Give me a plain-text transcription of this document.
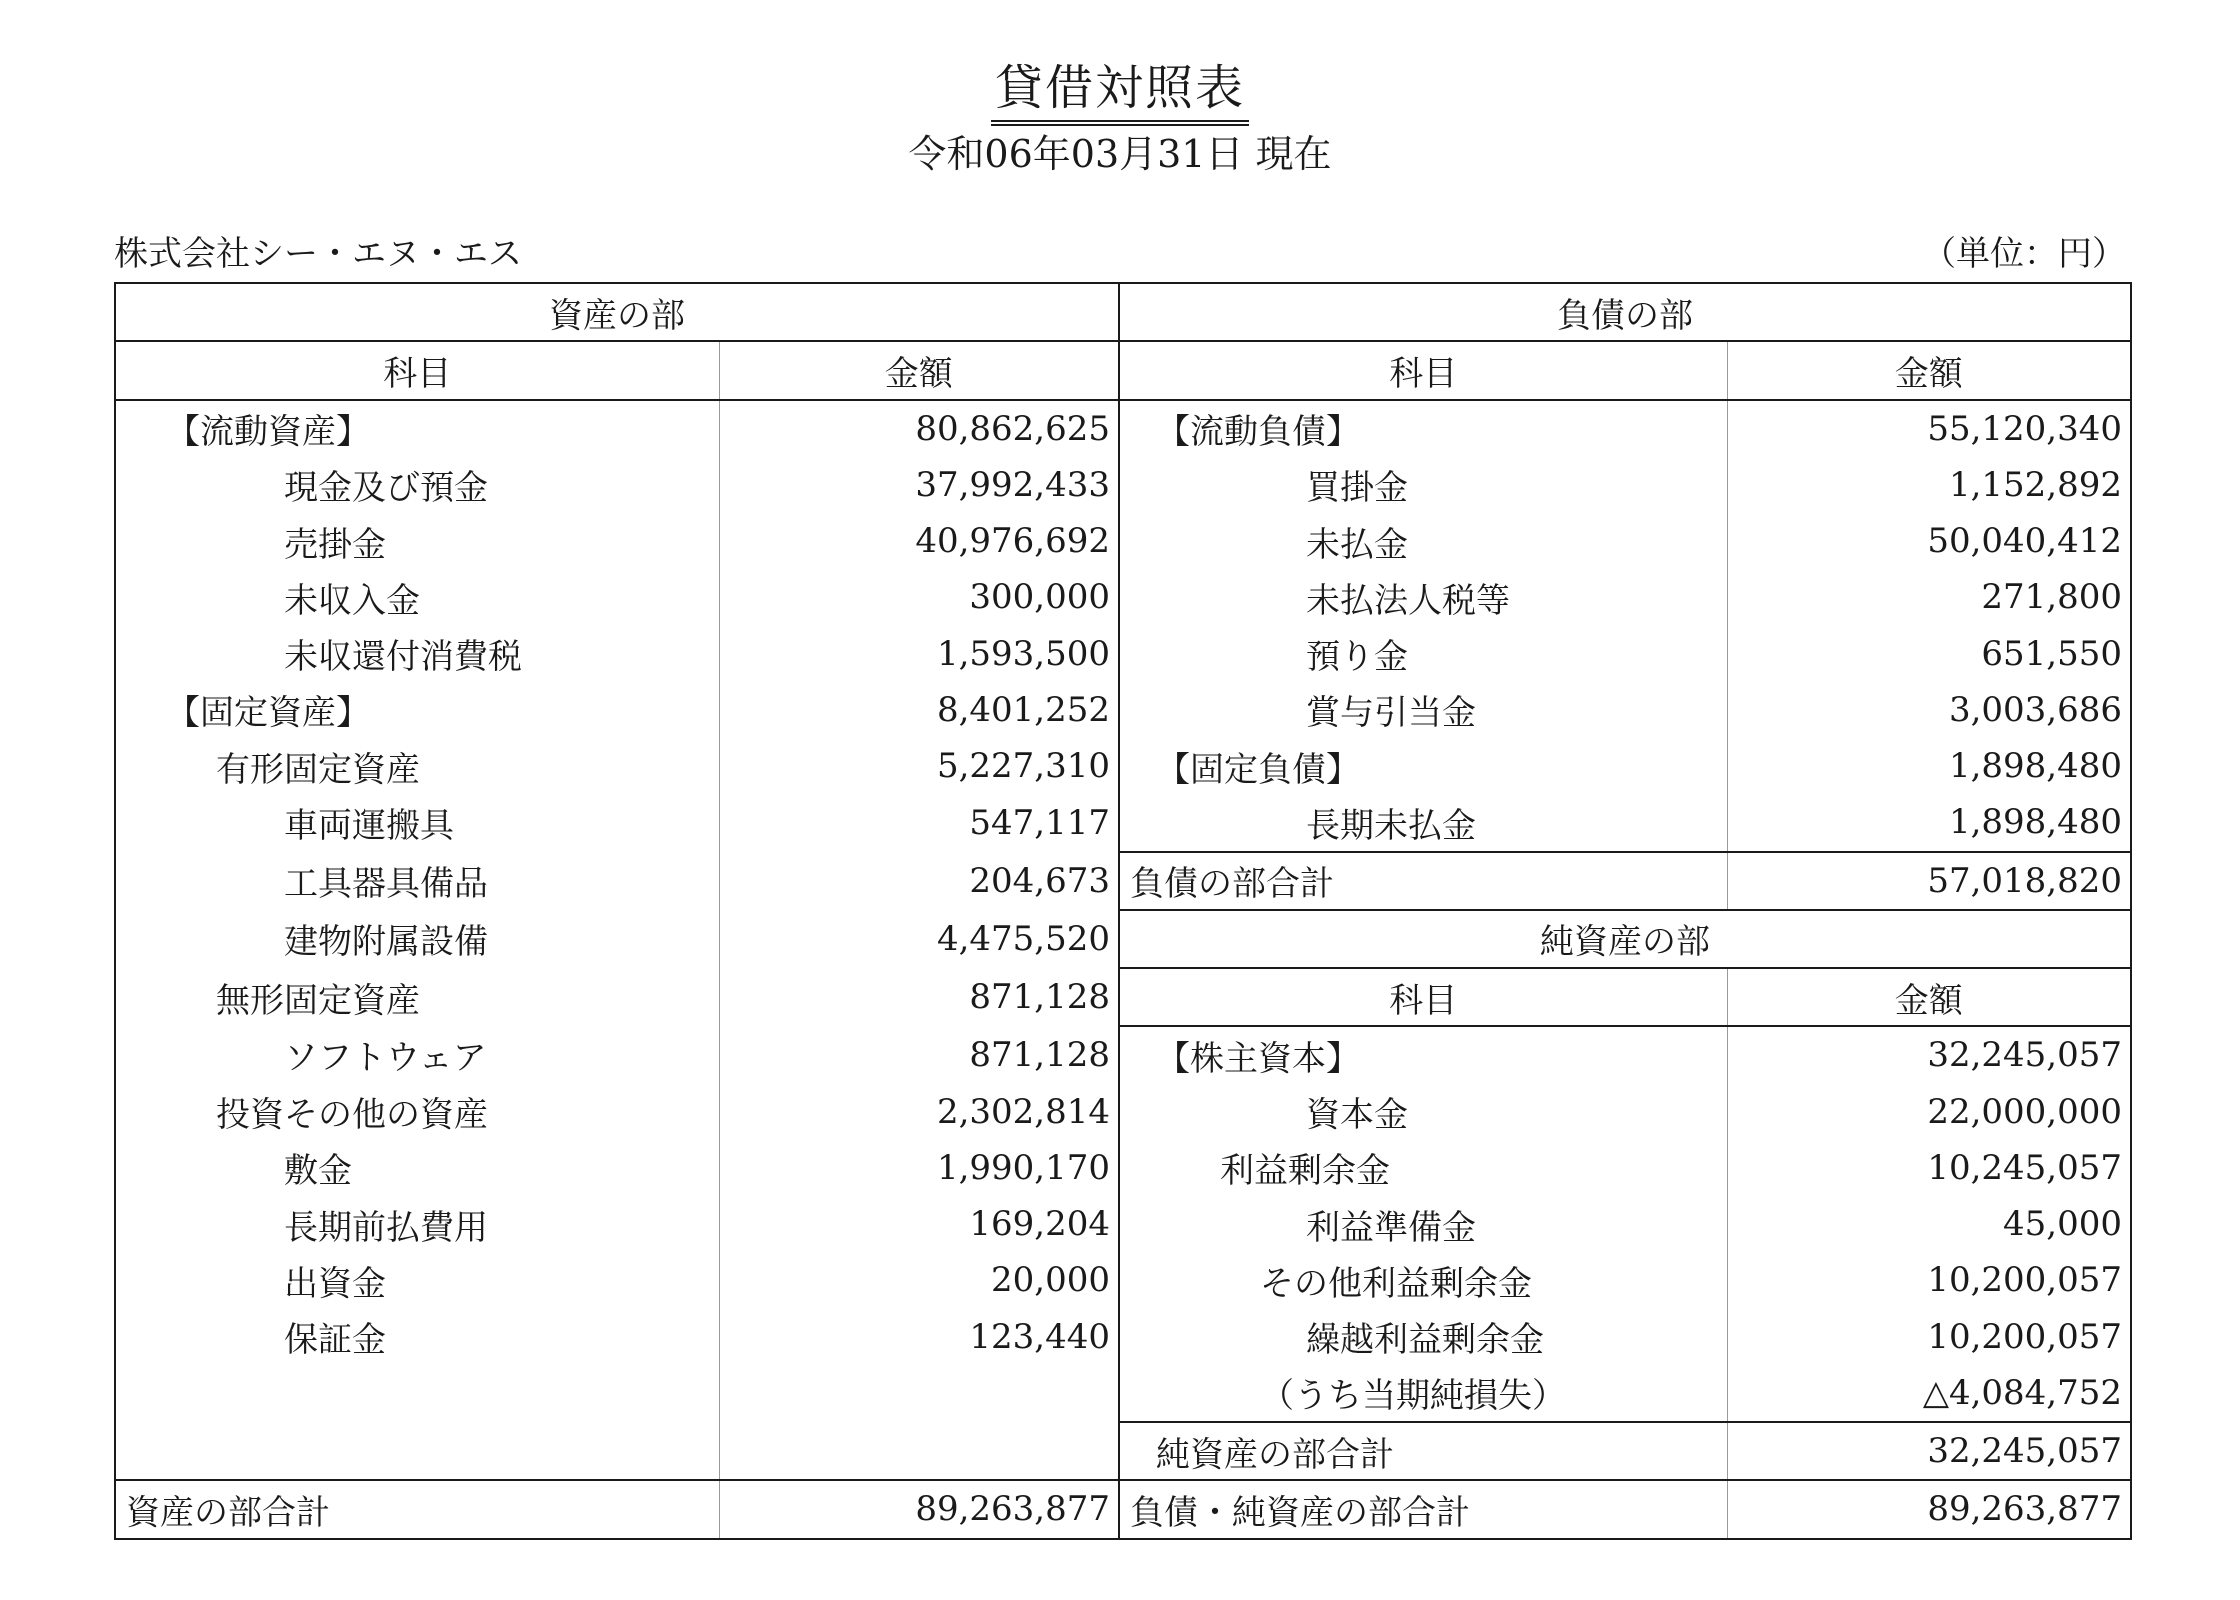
貸借対照表
令和06年03月31日 現在
株式会社シー・エヌ・エス	（単位：円）
資産の部		負債の部	
科目	金額	科目	金額
【流動資産】	80,862,625	【流動負債】	55,120,340
現金及び預金	37,992,433	買掛金	1,152,892
売掛金	40,976,692	未払金	50,040,412
未収入金	300,000	未払法人税等	271,800
未収還付消費税	1,593,500	預り金	651,550
【固定資産】	8,401,252	賞与引当金	3,003,686
有形固定資産	5,227,310	【固定負債】	1,898,480
車両運搬具	547,117	長期未払金	1,898,480
工具器具備品	204,673	負債の部合計	57,018,820
建物附属設備	4,475,520	純資産の部	
無形固定資産	871,128	科目	金額
ソフトウェア	871,128	【株主資本】	32,245,057
投資その他の資産	2,302,814	資本金	22,000,000
敷金	1,990,170	利益剰余金	10,245,057
長期前払費用	169,204	利益準備金	45,000
出資金	20,000	その他利益剰余金	10,200,057
保証金	123,440	繰越利益剰余金	10,200,057
		（うち当期純損失）	△4,084,752
		純資産の部合計	32,245,057
資産の部合計	89,263,877	負債・純資産の部合計	89,263,877
